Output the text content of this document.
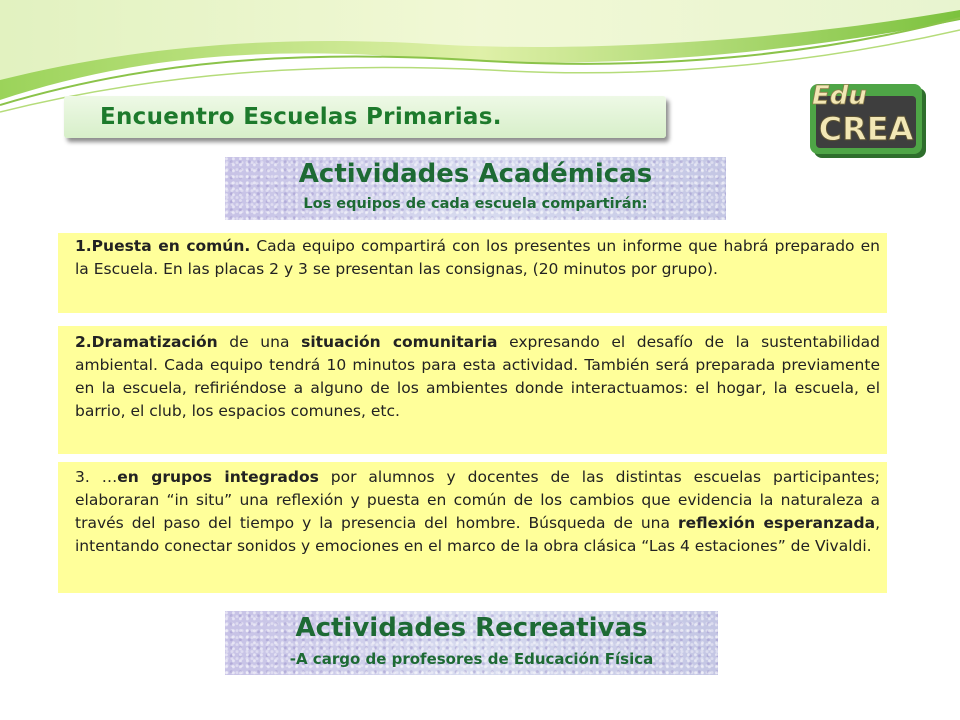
Encuentro Escuelas Primarias.
Edu
CREA
Actividades Académicas
Los equipos de cada escuela compartirán:

1.Puesta en común. Cada equipo compartirá con los presentes un informe que habrá preparado en la Escuela. En las placas 2 y 3 se presentan las consignas, (20 minutos por grupo).

2.Dramatización de una situación comunitaria expresando el desafío de la sustentabilidad ambiental. Cada equipo tendrá 10 minutos para esta actividad. También será preparada previamente en la escuela, refiriéndose a alguno de los ambientes donde interactuamos: el hogar, la escuela, el barrio, el club, los espacios comunes, etc.

3. …en grupos integrados por alumnos y docentes de las distintas escuelas participantes; elaboraran “in situ” una reflexión y puesta en común de los cambios que evidencia la naturaleza a través del paso del tiempo y la presencia del hombre. Búsqueda de una reflexión esperanzada, intentando conectar sonidos y emociones en el marco de la obra clásica “Las 4 estaciones” de Vivaldi.

Actividades Recreativas
-A cargo de profesores de Educación Física
